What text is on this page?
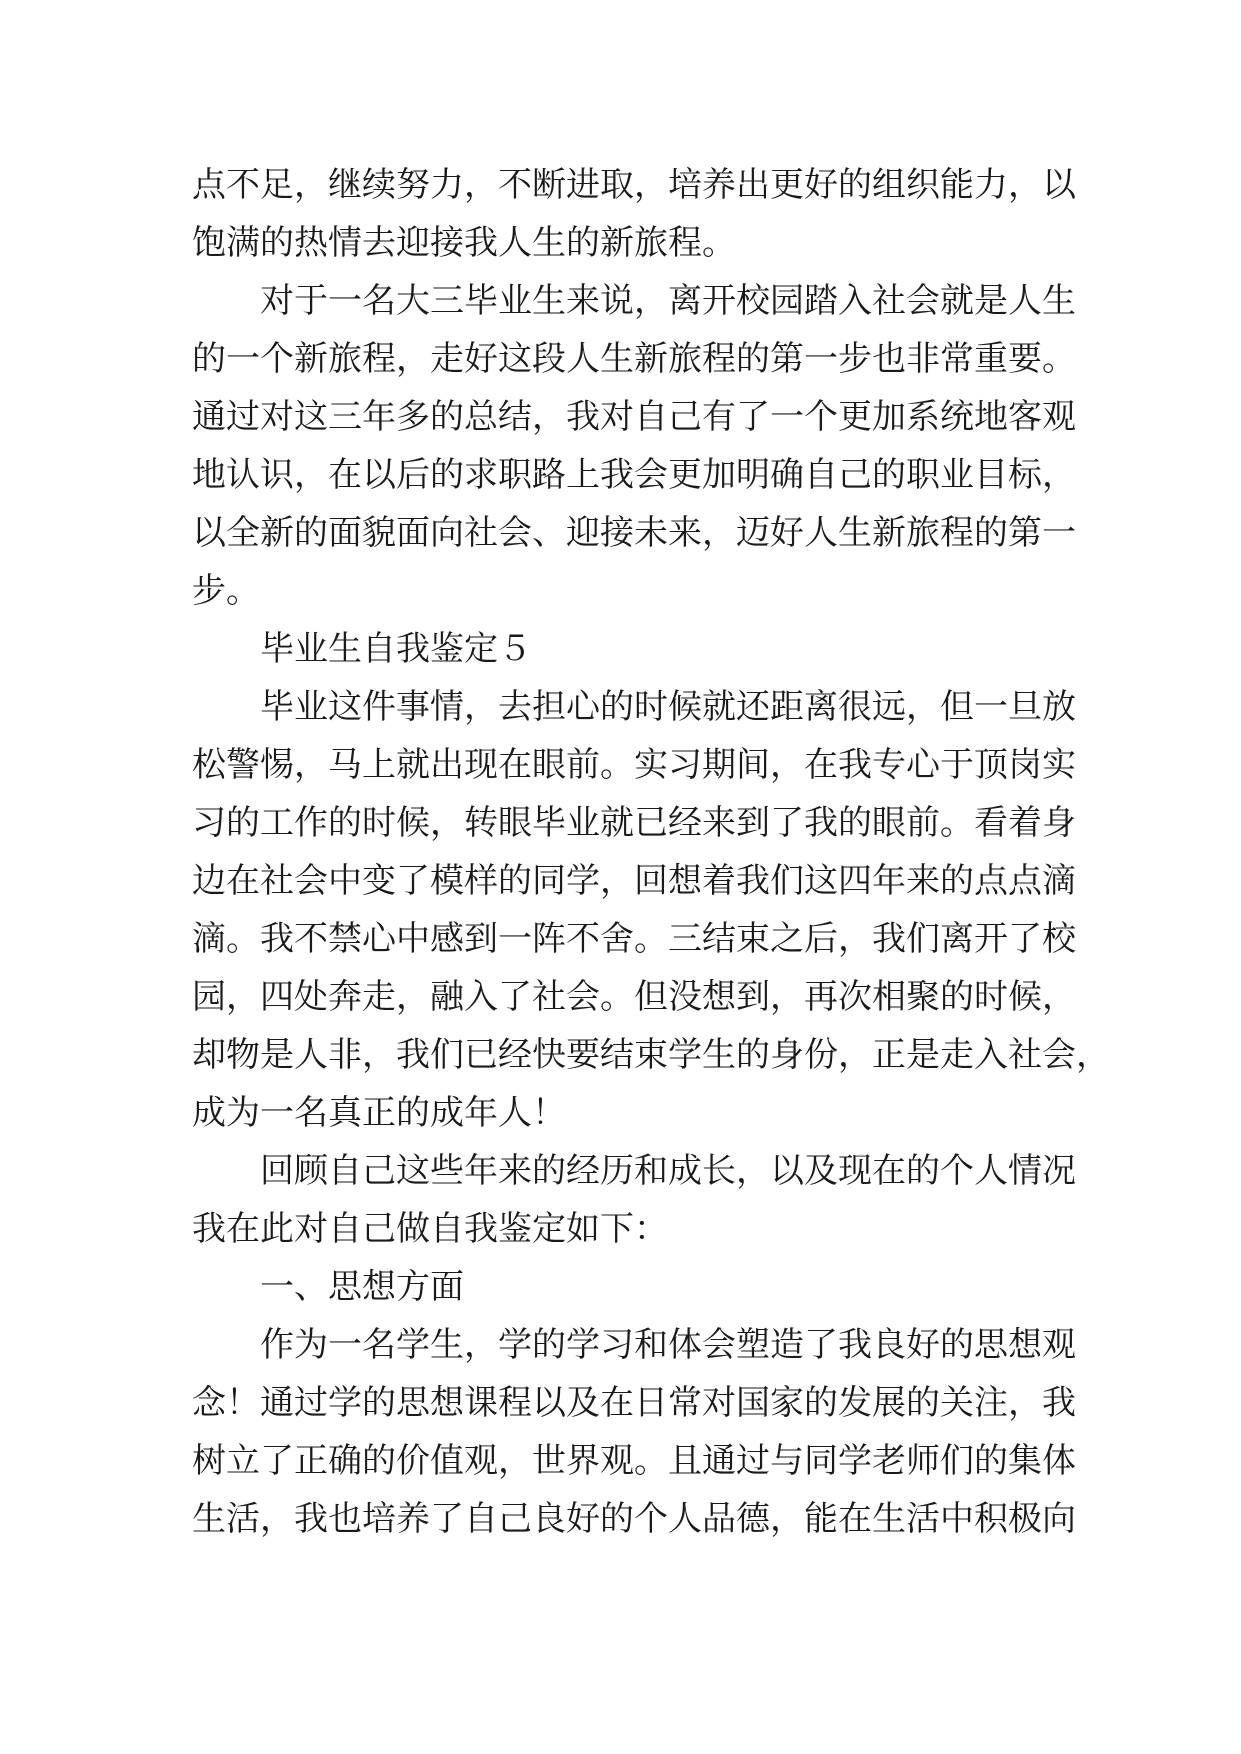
点不足，继续努力，不断进取，培养出更好的组织能力，以
饱满的热情去迎接我人生的新旅程。
对于一名大三毕业生来说，离开校园踏入社会就是人生
的一个新旅程，走好这段人生新旅程的第一步也非常重要。
通过对这三年多的总结，我对自己有了一个更加系统地客观
地认识，在以后的求职路上我会更加明确自己的职业目标，
以全新的面貌面向社会、迎接未来，迈好人生新旅程的第一
步。
毕业生自我鉴定５
毕业这件事情，去担心的时候就还距离很远，但一旦放
松警惕，马上就出现在眼前。实习期间，在我专心于顶岗实
习的工作的时候，转眼毕业就已经来到了我的眼前。看着身
边在社会中变了模样的同学，回想着我们这四年来的点点滴
滴。我不禁心中感到一阵不舍。三结束之后，我们离开了校
园，四处奔走，融入了社会。但没想到，再次相聚的时候，
却物是人非，我们已经快要结束学生的身份，正是走入社会，
成为一名真正的成年人！
回顾自己这些年来的经历和成长，以及现在的个人情况
我在此对自己做自我鉴定如下：
一、思想方面
作为一名学生，学的学习和体会塑造了我良好的思想观
念！通过学的思想课程以及在日常对国家的发展的关注，我
树立了正确的价值观，世界观。且通过与同学老师们的集体
生活，我也培养了自己良好的个人品德，能在生活中积极向
